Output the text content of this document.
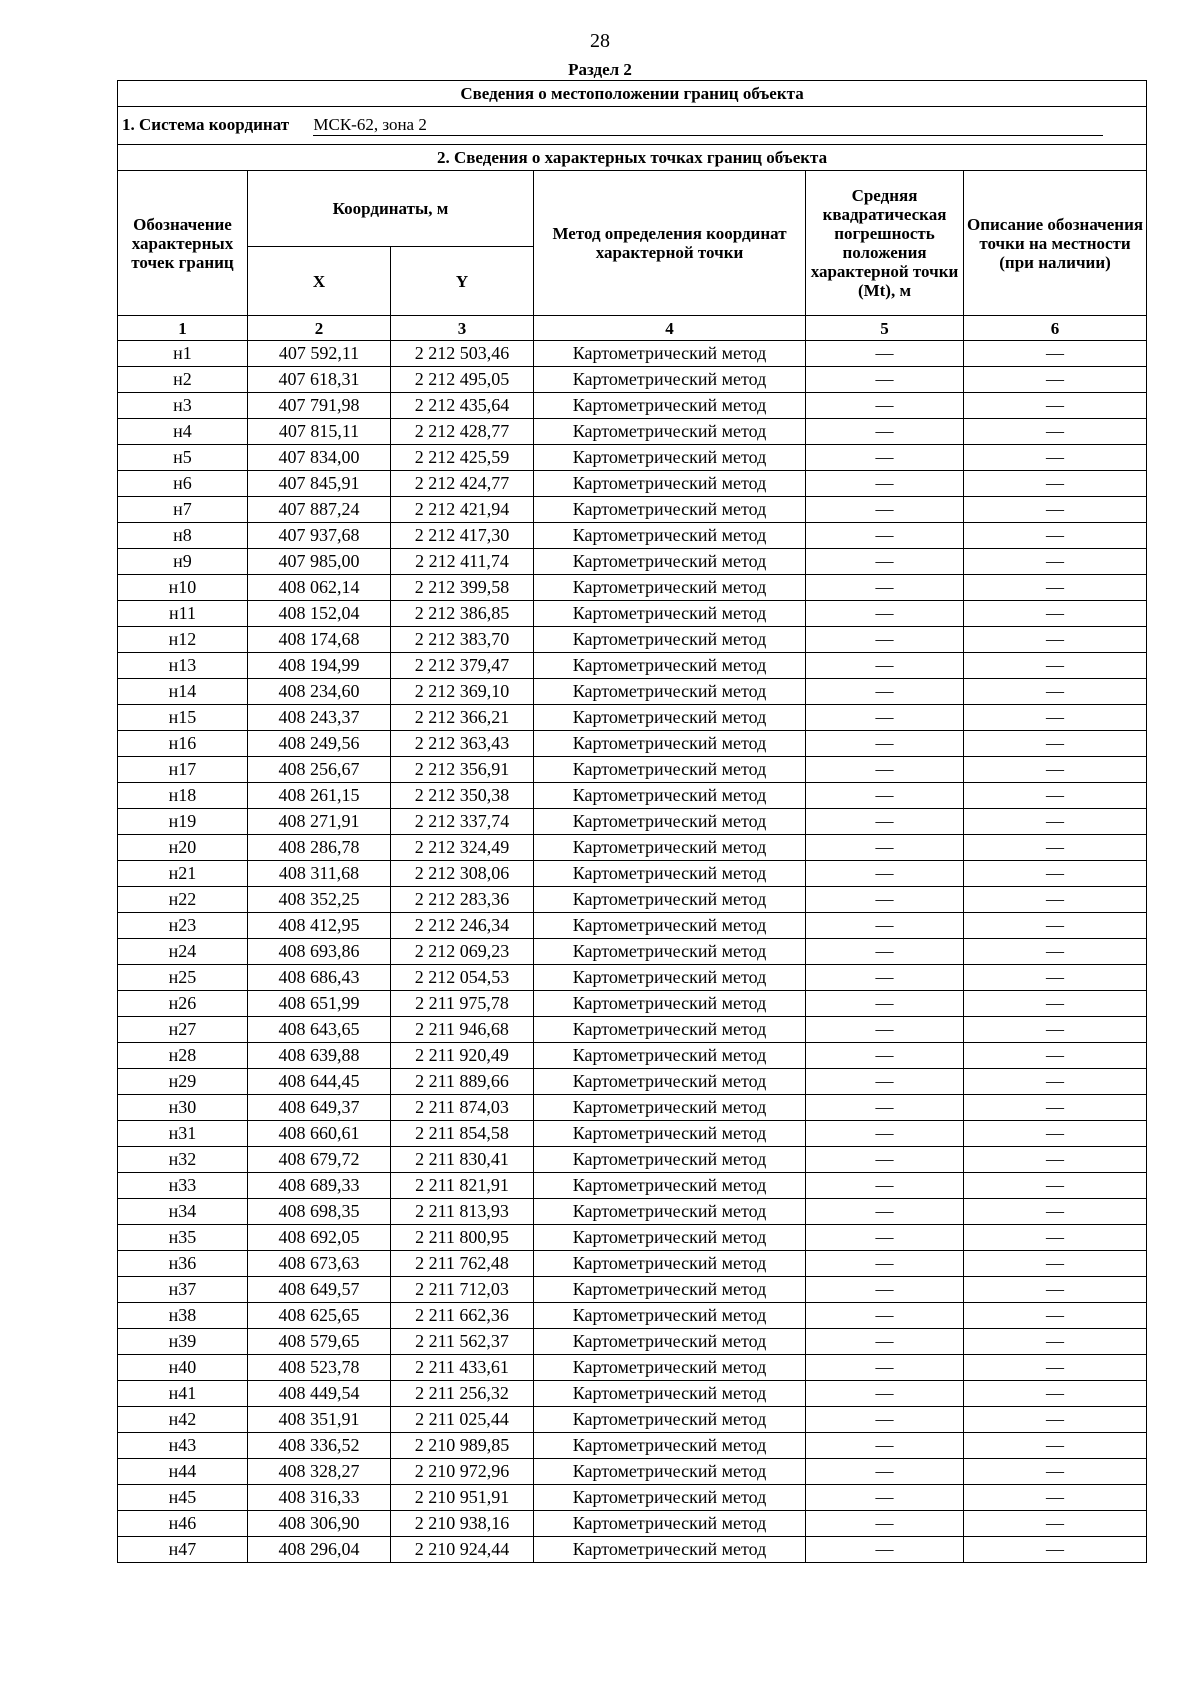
28
Раздел 2
Сведения о местоположении границ объекта					
1. Система координат МСК-62, зона 2					
2. Сведения о характерных точках границ объекта					
Обозначение характерных точек границ	Координаты, м		Метод определения координат характерной точки	Средняя квадратическая погрешность положения характерной точки (Mt), м	Описание обозначения точки на местности (при наличии)
	X	Y			
1	2	3	4	5	6
н1	407 592,11	2 212 503,46	Картометрический метод	—	—
н2	407 618,31	2 212 495,05	Картометрический метод	—	—
н3	407 791,98	2 212 435,64	Картометрический метод	—	—
н4	407 815,11	2 212 428,77	Картометрический метод	—	—
н5	407 834,00	2 212 425,59	Картометрический метод	—	—
н6	407 845,91	2 212 424,77	Картометрический метод	—	—
н7	407 887,24	2 212 421,94	Картометрический метод	—	—
н8	407 937,68	2 212 417,30	Картометрический метод	—	—
н9	407 985,00	2 212 411,74	Картометрический метод	—	—
н10	408 062,14	2 212 399,58	Картометрический метод	—	—
н11	408 152,04	2 212 386,85	Картометрический метод	—	—
н12	408 174,68	2 212 383,70	Картометрический метод	—	—
н13	408 194,99	2 212 379,47	Картометрический метод	—	—
н14	408 234,60	2 212 369,10	Картометрический метод	—	—
н15	408 243,37	2 212 366,21	Картометрический метод	—	—
н16	408 249,56	2 212 363,43	Картометрический метод	—	—
н17	408 256,67	2 212 356,91	Картометрический метод	—	—
н18	408 261,15	2 212 350,38	Картометрический метод	—	—
н19	408 271,91	2 212 337,74	Картометрический метод	—	—
н20	408 286,78	2 212 324,49	Картометрический метод	—	—
н21	408 311,68	2 212 308,06	Картометрический метод	—	—
н22	408 352,25	2 212 283,36	Картометрический метод	—	—
н23	408 412,95	2 212 246,34	Картометрический метод	—	—
н24	408 693,86	2 212 069,23	Картометрический метод	—	—
н25	408 686,43	2 212 054,53	Картометрический метод	—	—
н26	408 651,99	2 211 975,78	Картометрический метод	—	—
н27	408 643,65	2 211 946,68	Картометрический метод	—	—
н28	408 639,88	2 211 920,49	Картометрический метод	—	—
н29	408 644,45	2 211 889,66	Картометрический метод	—	—
н30	408 649,37	2 211 874,03	Картометрический метод	—	—
н31	408 660,61	2 211 854,58	Картометрический метод	—	—
н32	408 679,72	2 211 830,41	Картометрический метод	—	—
н33	408 689,33	2 211 821,91	Картометрический метод	—	—
н34	408 698,35	2 211 813,93	Картометрический метод	—	—
н35	408 692,05	2 211 800,95	Картометрический метод	—	—
н36	408 673,63	2 211 762,48	Картометрический метод	—	—
н37	408 649,57	2 211 712,03	Картометрический метод	—	—
н38	408 625,65	2 211 662,36	Картометрический метод	—	—
н39	408 579,65	2 211 562,37	Картометрический метод	—	—
н40	408 523,78	2 211 433,61	Картометрический метод	—	—
н41	408 449,54	2 211 256,32	Картометрический метод	—	—
н42	408 351,91	2 211 025,44	Картометрический метод	—	—
н43	408 336,52	2 210 989,85	Картометрический метод	—	—
н44	408 328,27	2 210 972,96	Картометрический метод	—	—
н45	408 316,33	2 210 951,91	Картометрический метод	—	—
н46	408 306,90	2 210 938,16	Картометрический метод	—	—
н47	408 296,04	2 210 924,44	Картометрический метод	—	—
